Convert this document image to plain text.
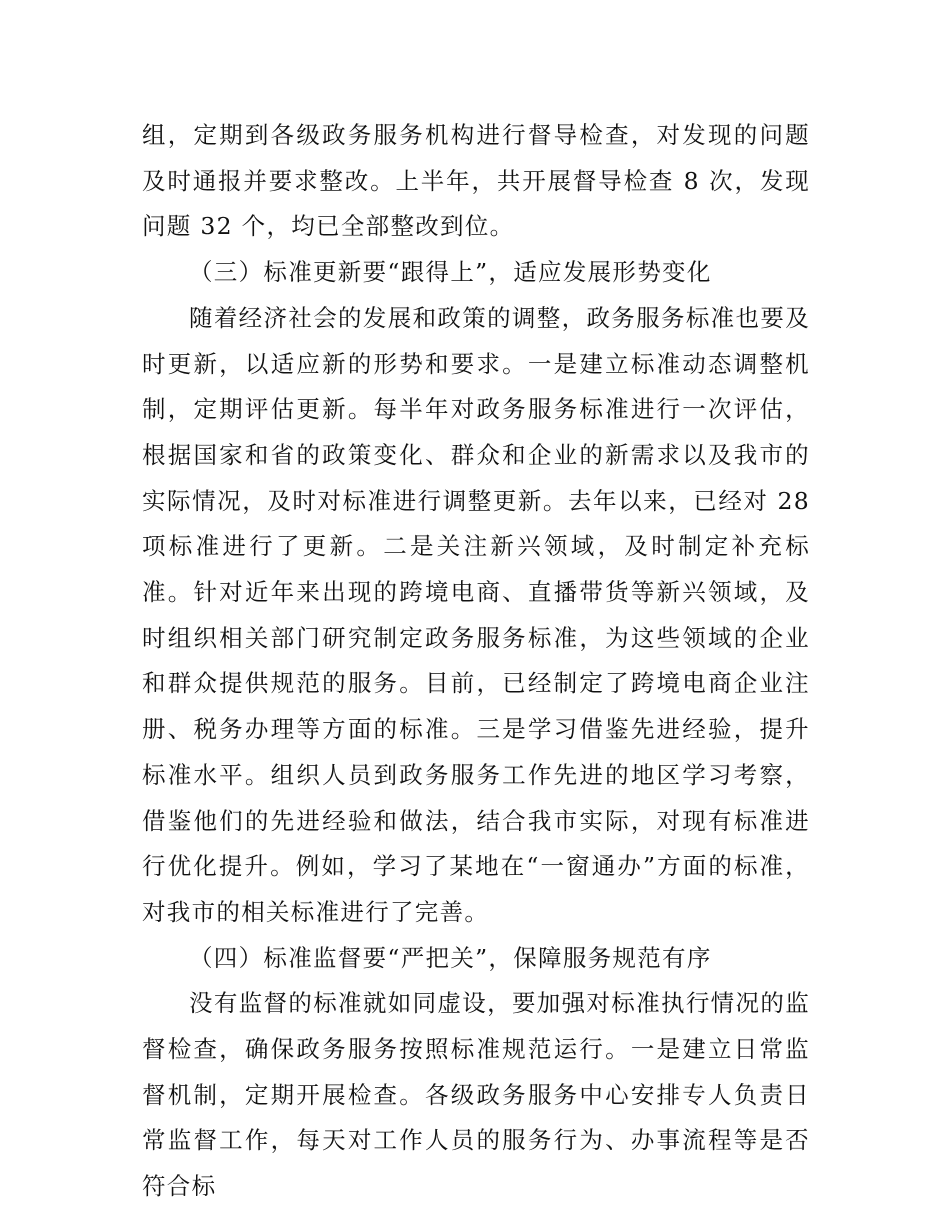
组，定期到各级政务服务机构进行督导检查，对发现的问题及时通报并要求整改。上半年，共开展督导检查 8 次，发现问题 32 个，均已全部整改到位。

（三）标准更新要“跟得上”，适应发展形势变化

随着经济社会的发展和政策的调整，政务服务标准也要及时更新，以适应新的形势和要求。一是建立标准动态调整机制，定期评估更新。每半年对政务服务标准进行一次评估，根据国家和省的政策变化、群众和企业的新需求以及我市的实际情况，及时对标准进行调整更新。去年以来，已经对 28 项标准进行了更新。二是关注新兴领域，及时制定补充标准。针对近年来出现的跨境电商、直播带货等新兴领域，及时组织相关部门研究制定政务服务标准，为这些领域的企业和群众提供规范的服务。目前，已经制定了跨境电商企业注册、税务办理等方面的标准。三是学习借鉴先进经验，提升标准水平。组织人员到政务服务工作先进的地区学习考察，借鉴他们的先进经验和做法，结合我市实际，对现有标准进行优化提升。例如，学习了某地在“一窗通办”方面的标准，对我市的相关标准进行了完善。

（四）标准监督要“严把关”，保障服务规范有序

没有监督的标准就如同虚设，要加强对标准执行情况的监督检查，确保政务服务按照标准规范运行。一是建立日常监督机制，定期开展检查。各级政务服务中心安排专人负责日常监督工作，每天对工作人员的服务行为、办事流程等是否符合标
